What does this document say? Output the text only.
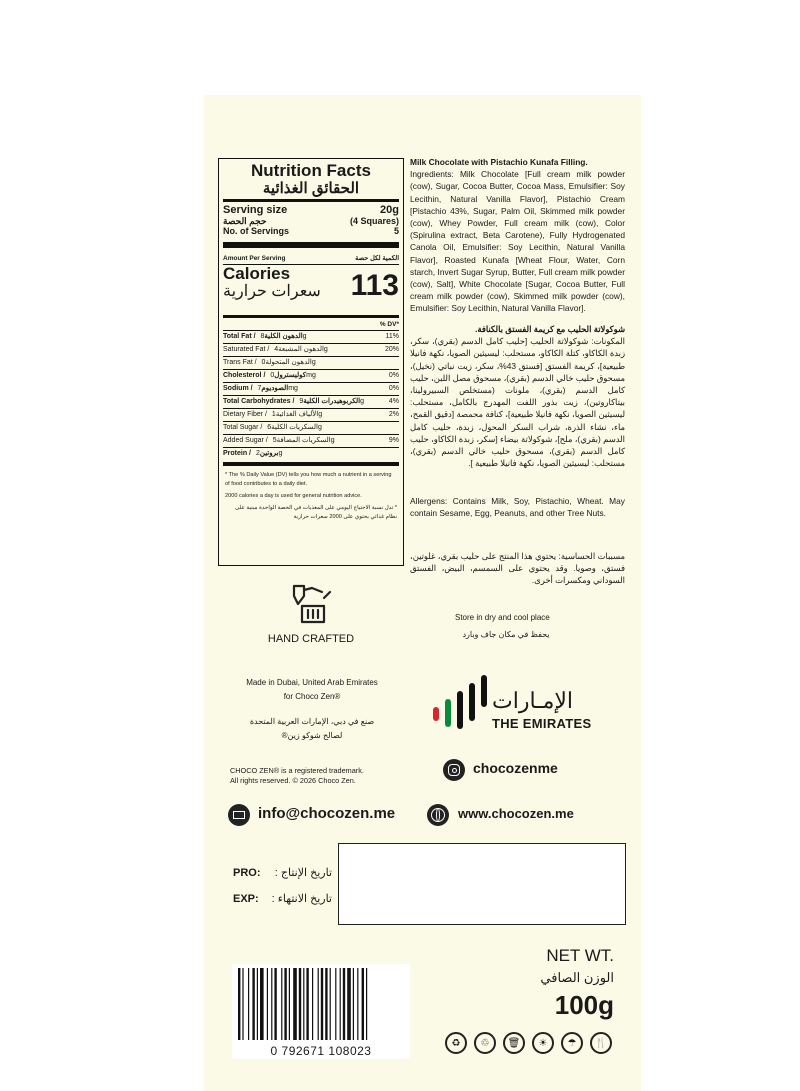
Nutrition Facts
الحقائق الغذائية
Serving size	20g
حجم الحصة	(4 Squares)
No. of Servings	5
Amount Per Serving	الكمية لكل حصة
Calories
سعرات حرارية 113
% DV*
Total Fat / الدهون الكلية8g	11%
Saturated Fat / الدهون المشبعة4g	20%
Trans Fat / الدهون المتحولة0g
Cholesterol / كوليسترول0mg	0%
Sodium / الصوديوم7mg	0%
Total Carbohydrates / الكربوهيدرات الكلية9g	4%
Dietary Fiber / الألياف الغذائية1g	2%
Total Sugar / السكريات الكلية6g
Added Sugar / السكريات المضافة5g	9%
Protein / بروتين2g
* The % Daily Value (DV) tells you how much a nutrient in a serving of food contributes to a daily diet.
2000 calories a day is used for general nutrition advice.
* تدل نسبة الاحتياج اليومي على المغذيات في الحصة الواحدة مبنية على نظام غذائي يحتوي على 2000 سعرات حرارية
Milk Chocolate with Pistachio Kunafa Filling.
Ingredients: Milk Chocolate [Full cream milk powder (cow), Sugar, Cocoa Butter, Cocoa Mass, Emulsifier: Soy Lecithin, Natural Vanilla Flavor], Pistachio Cream [Pistachio 43%, Sugar, Palm Oil, Skimmed milk powder (cow), Whey Powder, Full cream milk (cow), Color (Spirulina extract, Beta Carotene), Fully Hydrogenated Canola Oil, Emulsifier: Soy Lecithin, Natural Vanilla Flavor], Roasted Kunafa [Wheat Flour, Water, Corn starch, Invert Sugar Syrup, Butter, Full cream milk powder (cow), Salt], White Chocolate [Sugar, Cocoa Butter, Full cream milk powder (cow), Skimmed milk powder (cow), Emulsifier: Soy Lecithin, Natural Vanilla Flavor].
شوكولاتة الحليب مع كريمة الفستق بالكنافة.
المكونات: شوكولاتة الحليب [حليب كامل الدسم (بقري)، سكر، زبدة الكاكاو، كتلة الكاكاو، مستحلب: ليسيثين الصويا، نكهة فانيلا طبيعية]، كريمة الفستق [فستق 43%، سكر، زيت نباتي (نخيل)، مسحوق حليب خالي الدسم (بقري)، مسحوق مصل اللبن، حليب كامل الدسم (بقري)، ملونات (مستخلص السبيرولينا، بيتاكاروتين)، زيت بذور اللفت المهدرج بالكامل، مستحلب: ليسيثين الصويا، نكهة فانيلا طبيعية]، كنافة محمصة [دقيق القمح، ماء، نشاء الذرة، شراب السكر المحول، زبدة، حليب كامل الدسم (بقري)، ملح]، شوكولاتة بيضاء [سكر، زبدة الكاكاو، حليب كامل الدسم (بقري)، مسحوق حليب خالي الدسم (بقري)، مستحلب: ليسيثين الصويا، نكهة فانيلا طبيعية ].
Allergens: Contains Milk, Soy, Pistachio, Wheat. May contain Sesame, Egg, Peanuts, and other Tree Nuts.
مسببات الحساسية: يحتوي هذا المنتج على حليب بقري، غلوتين، فستق، وصويا. وقد يحتوي على السمسم، البيض، الفستق السوداني ومكسرات أخرى.
HAND CRAFTED
Store in dry and cool place
يحفظ في مكان جاف وبارد
Made in Dubai, United Arab Emirates
for Choco Zen®
صنع في دبي، الإمارات العربية المتحدة
لصالح شوكو زين®
الإمـارات
THE EMIRATES
CHOCO ZEN® is a registered trademark.
All rights reserved. © 2026 Choco Zen.
chocozenme
info@chocozen.me	www.chocozen.me
PRO:	تاريخ الإنتاج :
EXP:	تاريخ الانتهاء :
NET WT.
الوزن الصافي
100g
0 792671 108023
♻	♲	🗑	☀	☂	🍴
